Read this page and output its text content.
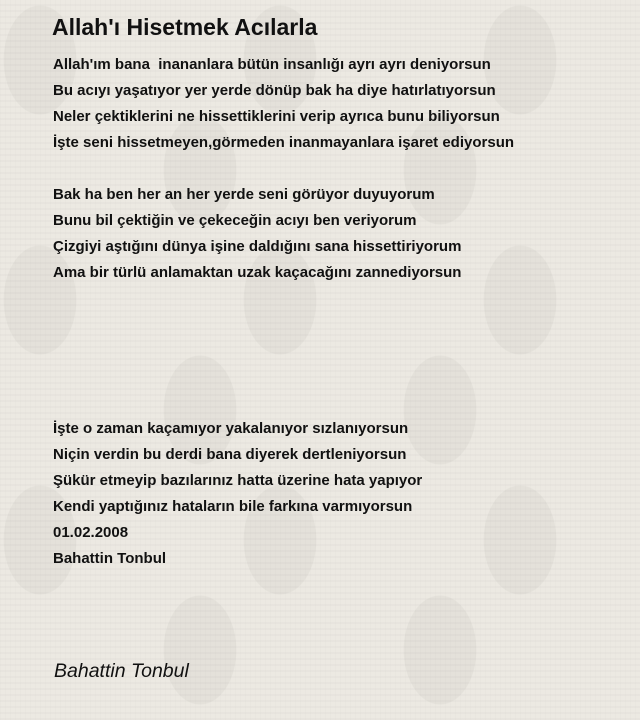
Allah'ı Hisetmek Acılarla
Allah'ım bana  inananlara bütün insanlığı ayrı ayrı deniyorsun
Bu acıyı yaşatıyor yer yerde dönüp bak ha diye hatırlatıyorsun
Neler çektiklerini ne hissettiklerini verip ayrıca bunu biliyorsun
İşte seni hissetmeyen,görmeden inanmayanlara işaret ediyorsun

Bak ha ben her an her yerde seni görüyor duyuyorum
Bunu bil çektiğin ve çekeceğin acıyı ben veriyorum
Çizgiyi aştığını dünya işine daldığını sana hissettiriyorum
Ama bir türlü anlamaktan uzak kaçacağını zannediyorsun

İşte o zaman kaçamıyor yakalanıyor sızlanıyorsun
Niçin verdin bu derdi bana diyerek dertleniyorsun
Şükür etmeyip bazılarınız hatta üzerine hata yapıyor
Kendi yaptığınız hataların bile farkına varmıyorsun
01.02.2008
Bahattin Tonbul
Bahattin Tonbul
